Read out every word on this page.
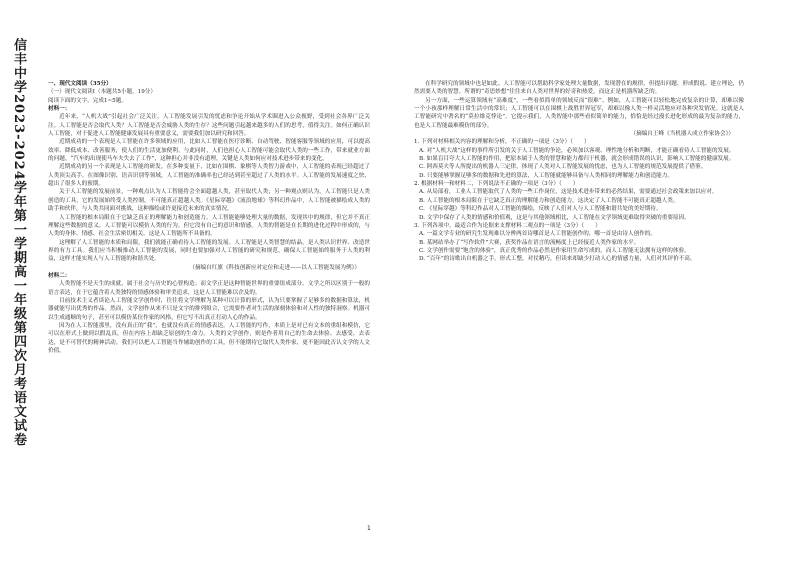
信丰中学2023-2024学年第一学期高一年级第四次月考语文试卷	一、现代文阅读（35分）

（一）现代文阅读Ⅰ（本题共5小题，19分）

阅读下面的文字，完成1~5题。

材料一：

近年来，“人机大战”引起社会广泛关注。人工智能发展引发的忧虑和争论开始从学术圈进入公众视野，受到社会各界广泛关注。人工智能是否会取代人类？人工智能是否会威胁人类的生存？这些问题引起越来越多的人们的思考，值得关注。如何正确认识人工智能，对于促进人工智能健康发展具有重要意义，需要我们加以研究和回答。

近期成功的一个表现是人工智能在许多领域的应用，比如人工智能在医疗诊断、自动驾驶、智能客服等领域的应用，可以提高效率、降低成本、改善服务，使人们的生活更加便利。与此同时，人们也担心人工智能可能会取代人类的一些工作，带来就业方面的问题。“汽车的出现使马车夫失去了工作”，这种担心并非没有道理，关键是人类如何应对技术进步带来的变化。

近期成功的另一个表现是人工智能的研发。在多种变量下，比如在围棋、象棋等人类智力游戏中，人工智能的表现已经超过了人类顶尖高手。在图像识别、语音识别等领域，人工智能的准确率也已经达到甚至超过了人类的水平。人工智能的发展速度之快，超出了很多人的预期。

关于人工智能的发展前景，一种观点认为人工智能将会全面超越人类，甚至取代人类；另一种观点则认为，人工智能只是人类创造的工具，它的发展始终受人类控制，不可能真正超越人类。《星际穿越》《流浪地球》等科幻作品中，人工智能被描绘成人类的助手和伙伴，与人类共同面对挑战，这种描绘或许更接近未来的真实情况。

人工智能的根本局限在于它缺乏真正的理解能力和创造能力。人工智能能够处理大量的数据，发现其中的规律，但它并不真正理解这些数据的意义。人工智能可以模仿人类的行为，但它没有自己的意识和情感。人类的智能是在长期的进化过程中形成的，与人类的身体、情感、社会生活密切相关，这是人工智能所不具备的。

这理解了人工智能的本质和局限，我们就能正确看待人工智能的发展。人工智能是人类智慧的结晶，是人类认识世界、改造世界的有力工具。我们应当积极推动人工智能的发展，同时也要加强对人工智能的研究和规范，确保人工智能始终服务于人类的利益，这样才能实现人与人工智能的和谐共处。

（摘编自红旗《科技创新应对定位和走进——以人工智能发展为例》）

材料二：

人类智能不是天生的成就，属于社会与历史的心智构造；而文学正是这种智能世界的重要组成部分。文学之所以区别于一般的语言表达，在于它蕴含着人类独特的情感体验和审美追求，这是人工智能难以企及的。

目前技术主义者谈论人工智能文学创作时，往往将文学理解为某种可以计算的形式，认为只要掌握了足够多的数据和算法，机器就能写出优秀的作品。然而，文学创作从来不只是文字的排列组合，它需要作者对生活的深刻体验和对人性的独特洞察。机器可以生成通顺的句子，甚至可以模仿某位作家的风格，但它写不出真正打动人心的作品。

因为在人工智能那里，没有真正的“我”，也就没有真正的情感表达。人工智能的写作，本质上是对已有文本的重组和模仿，它可以在形式上做到以假乱真，但在内容上却缺乏原创的生命力。人类的文学创作，则是作者用自己的生命去体验、去感受、去表达，是不可替代的精神活动。我们可以把人工智能当作辅助创作的工具，但不能期待它取代人类作家，更不能因此否认文学的人文价值。

在科学研究的领域中也是如此。人工智能可以帮助科学家处理大量数据，发现潜在的规律，但提出问题、形成假说、建立理论，仍然需要人类的智慧。所谓的“奇思妙想”往往来自人类对世界的好奇和热爱，而这正是机器所缺乏的。

另一方面，一些运算领域有“高难度”，一些看似简单的领域反而“很难”。例如，人工智能可以轻松地完成复杂的计算，却难以像一个小孩那样理解日常生活中的常识；人工智能可以在围棋上战胜世界冠军，却难以像人类一样灵活地应对各种突发情况。这就是人工智能研究中著名的“莫拉维克悖论”。它提示我们，人类智能中那些看似简单的能力，恰恰是经过漫长进化形成的最为复杂的能力，也是人工智能最难模仿的部分。

（摘编自王峰《当机器人成立作家协会》）

1. 下列对材料相关内容的理解和分析，不正确的一项是（3分）（　　）

A. 对“人机大战”这样的事件所引发的关于人工智能的争论，必须加以客观、理性地分析和判断，才能正确看待人工智能的发展。

B. 如果盲目夸大人工智能的作用，把原本属于人类的智慧和能力都归于机器，就会形成错误的认识，影响人工智能的健康发展。

C. 阿西莫夫等人所提出的机器人三定律，体现了人类对人工智能发展的忧虑，也为人工智能的规范发展提供了借鉴。

D. 只要能够掌握足够多的数据和先进的算法，人工智能就能够具备与人类相同的理解能力和创造能力。

2. 根据材料一和材料二，下列说法不正确的一项是（3分）（　　）

A. 从局部看，工业人工智能取代了人类的一些工作岗位，这是技术进步带来的必然结果，需要通过社会政策来加以应对。

B. 人工智能的根本局限在于它缺乏真正的理解能力和创造能力，这决定了人工智能不可能真正超越人类。

C. 《星际穿越》等科幻作品对人工智能的描绘，反映了人们对人与人工智能和谐共处的美好期待。

D. 文学中保存了人类的情感和价值观，这是与其他领域相比，人工智能在文学领域更难取得突破的重要原因。

3. 下列各项中，最适合作为论据来支撑材料二观点的一项是（3分）（　　）

A. 一篇文学专业的研究生发现难以分辨两首诗哪首是人工智能创作的，哪一首是由诗人创作的。

B. 某网站举办了“写作软件”大赛，获奖作品在语言的流畅度上已经接近人类作家的水平。

C. 文学创作需要“饱含的体验”，真正优秀的作品必然是作家用生命写成的，而人工智能无法拥有这样的体验。

D. “百年”的诗歌出自机器之手，形式工整，对仗精巧，但读来却缺少打动人心的情感力量，人们对其评价不高。

1
